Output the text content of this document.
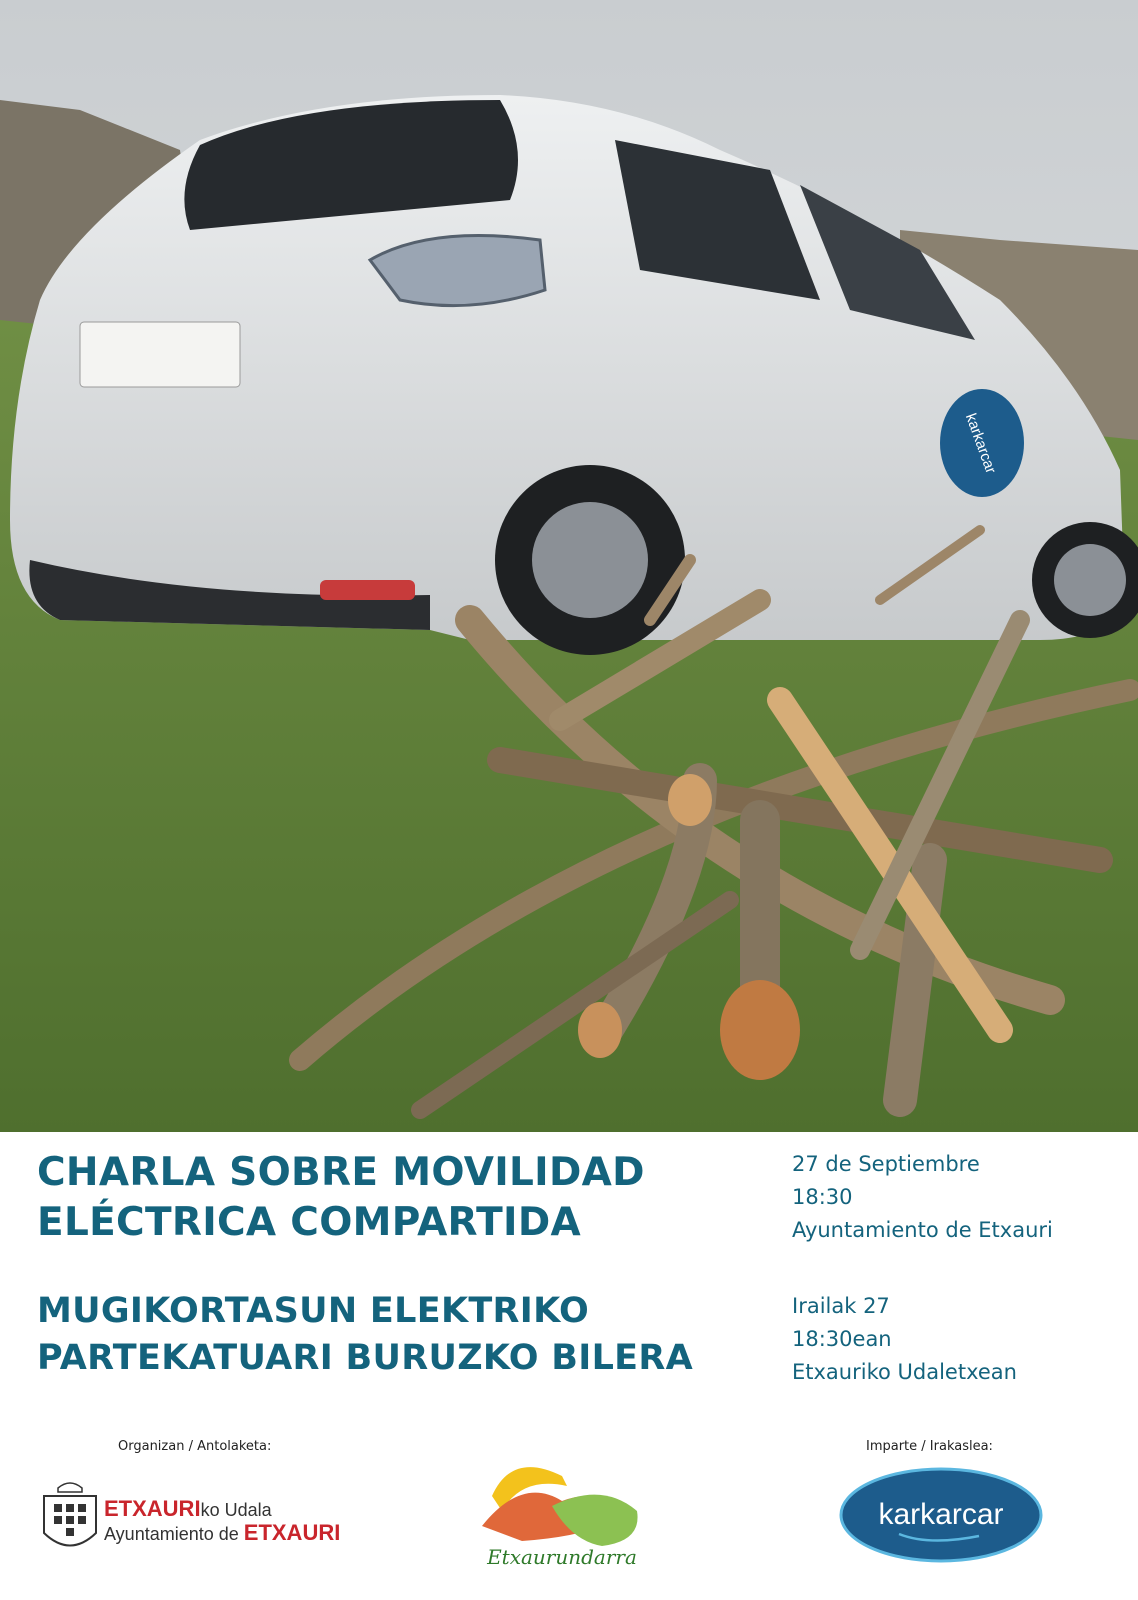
karkarcar
CHARLA SOBRE MOVILIDAD
ELÉCTRICA COMPARTIDA
MUGIKORTASUN ELEKTRIKO
PARTEKATUARI BURUZKO BILERA
27 de Septiembre
18:30
Ayuntamiento de Etxauri
Irailak 27
18:30ean
Etxauriko Udaletxean
Organizan / Antolaketa:	Imparte / Irakaslea:
ETXAURIko Udala
Ayuntamiento de ETXAURI
Etxaurundarra
karkarcar
